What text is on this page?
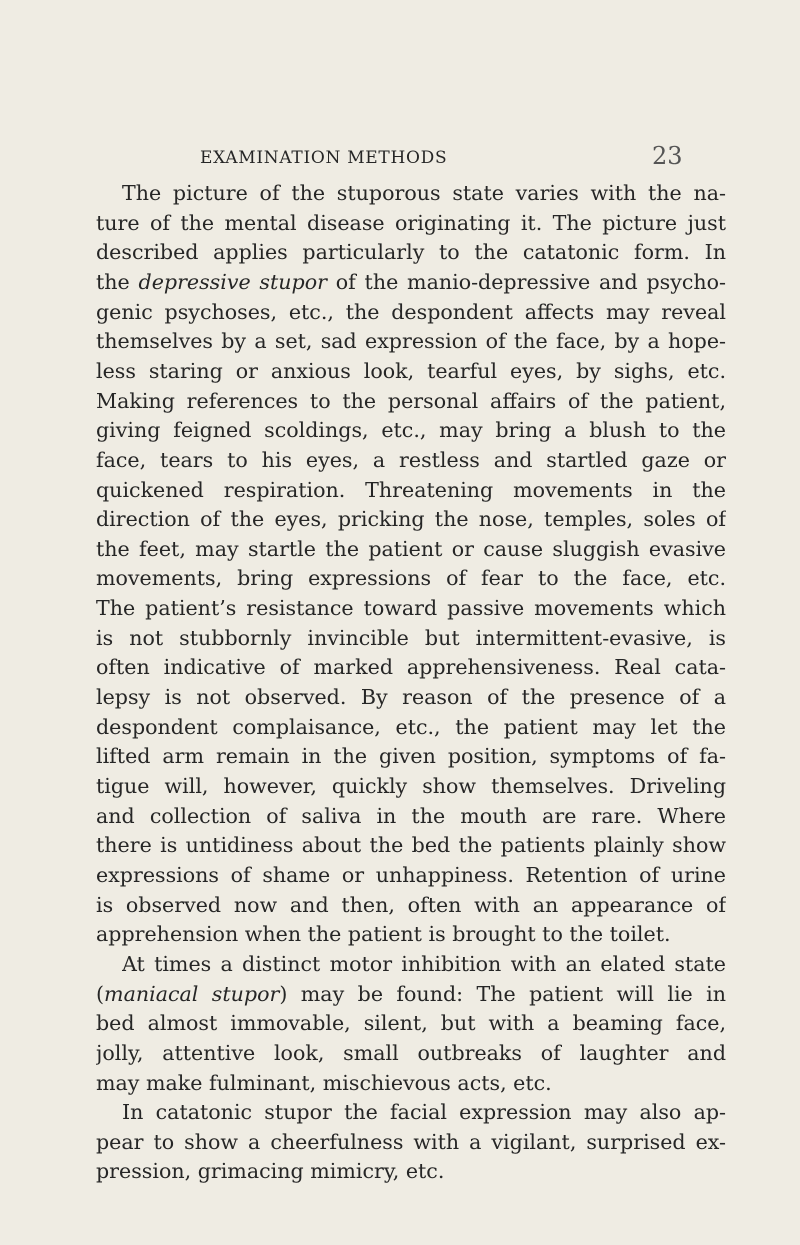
EXAMINATION METHODS	23
The picture of the stuporous state varies with the na-
ture of the mental disease originating it. The picture just
described applies particularly to the catatonic form. In
the depressive stupor of the manio-depressive and psycho-
genic psychoses, etc., the despondent affects may reveal
themselves by a set, sad expression of the face, by a hope-
less staring or anxious look, tearful eyes, by sighs, etc.
Making references to the personal affairs of the patient,
giving feigned scoldings, etc., may bring a blush to the
face, tears to his eyes, a restless and startled gaze or
quickened respiration. Threatening movements in the
direction of the eyes, pricking the nose, temples, soles of
the feet, may startle the patient or cause sluggish evasive
movements, bring expressions of fear to the face, etc.
The patient’s resistance toward passive movements which
is not stubbornly invincible but intermittent-evasive, is
often indicative of marked apprehensiveness. Real cata-
lepsy is not observed. By reason of the presence of a
despondent complaisance, etc., the patient may let the
lifted arm remain in the given position, symptoms of fa-
tigue will, however, quickly show themselves. Driveling
and collection of saliva in the mouth are rare. Where
there is untidiness about the bed the patients plainly show
expressions of shame or unhappiness. Retention of urine
is observed now and then, often with an appearance of
apprehension when the patient is brought to the toilet.
At times a distinct motor inhibition with an elated state
(maniacal stupor) may be found: The patient will lie in
bed almost immovable, silent, but with a beaming face,
jolly, attentive look, small outbreaks of laughter and
may make fulminant, mischievous acts, etc.
In catatonic stupor the facial expression may also ap-
pear to show a cheerfulness with a vigilant, surprised ex-
pression, grimacing mimicry, etc.
